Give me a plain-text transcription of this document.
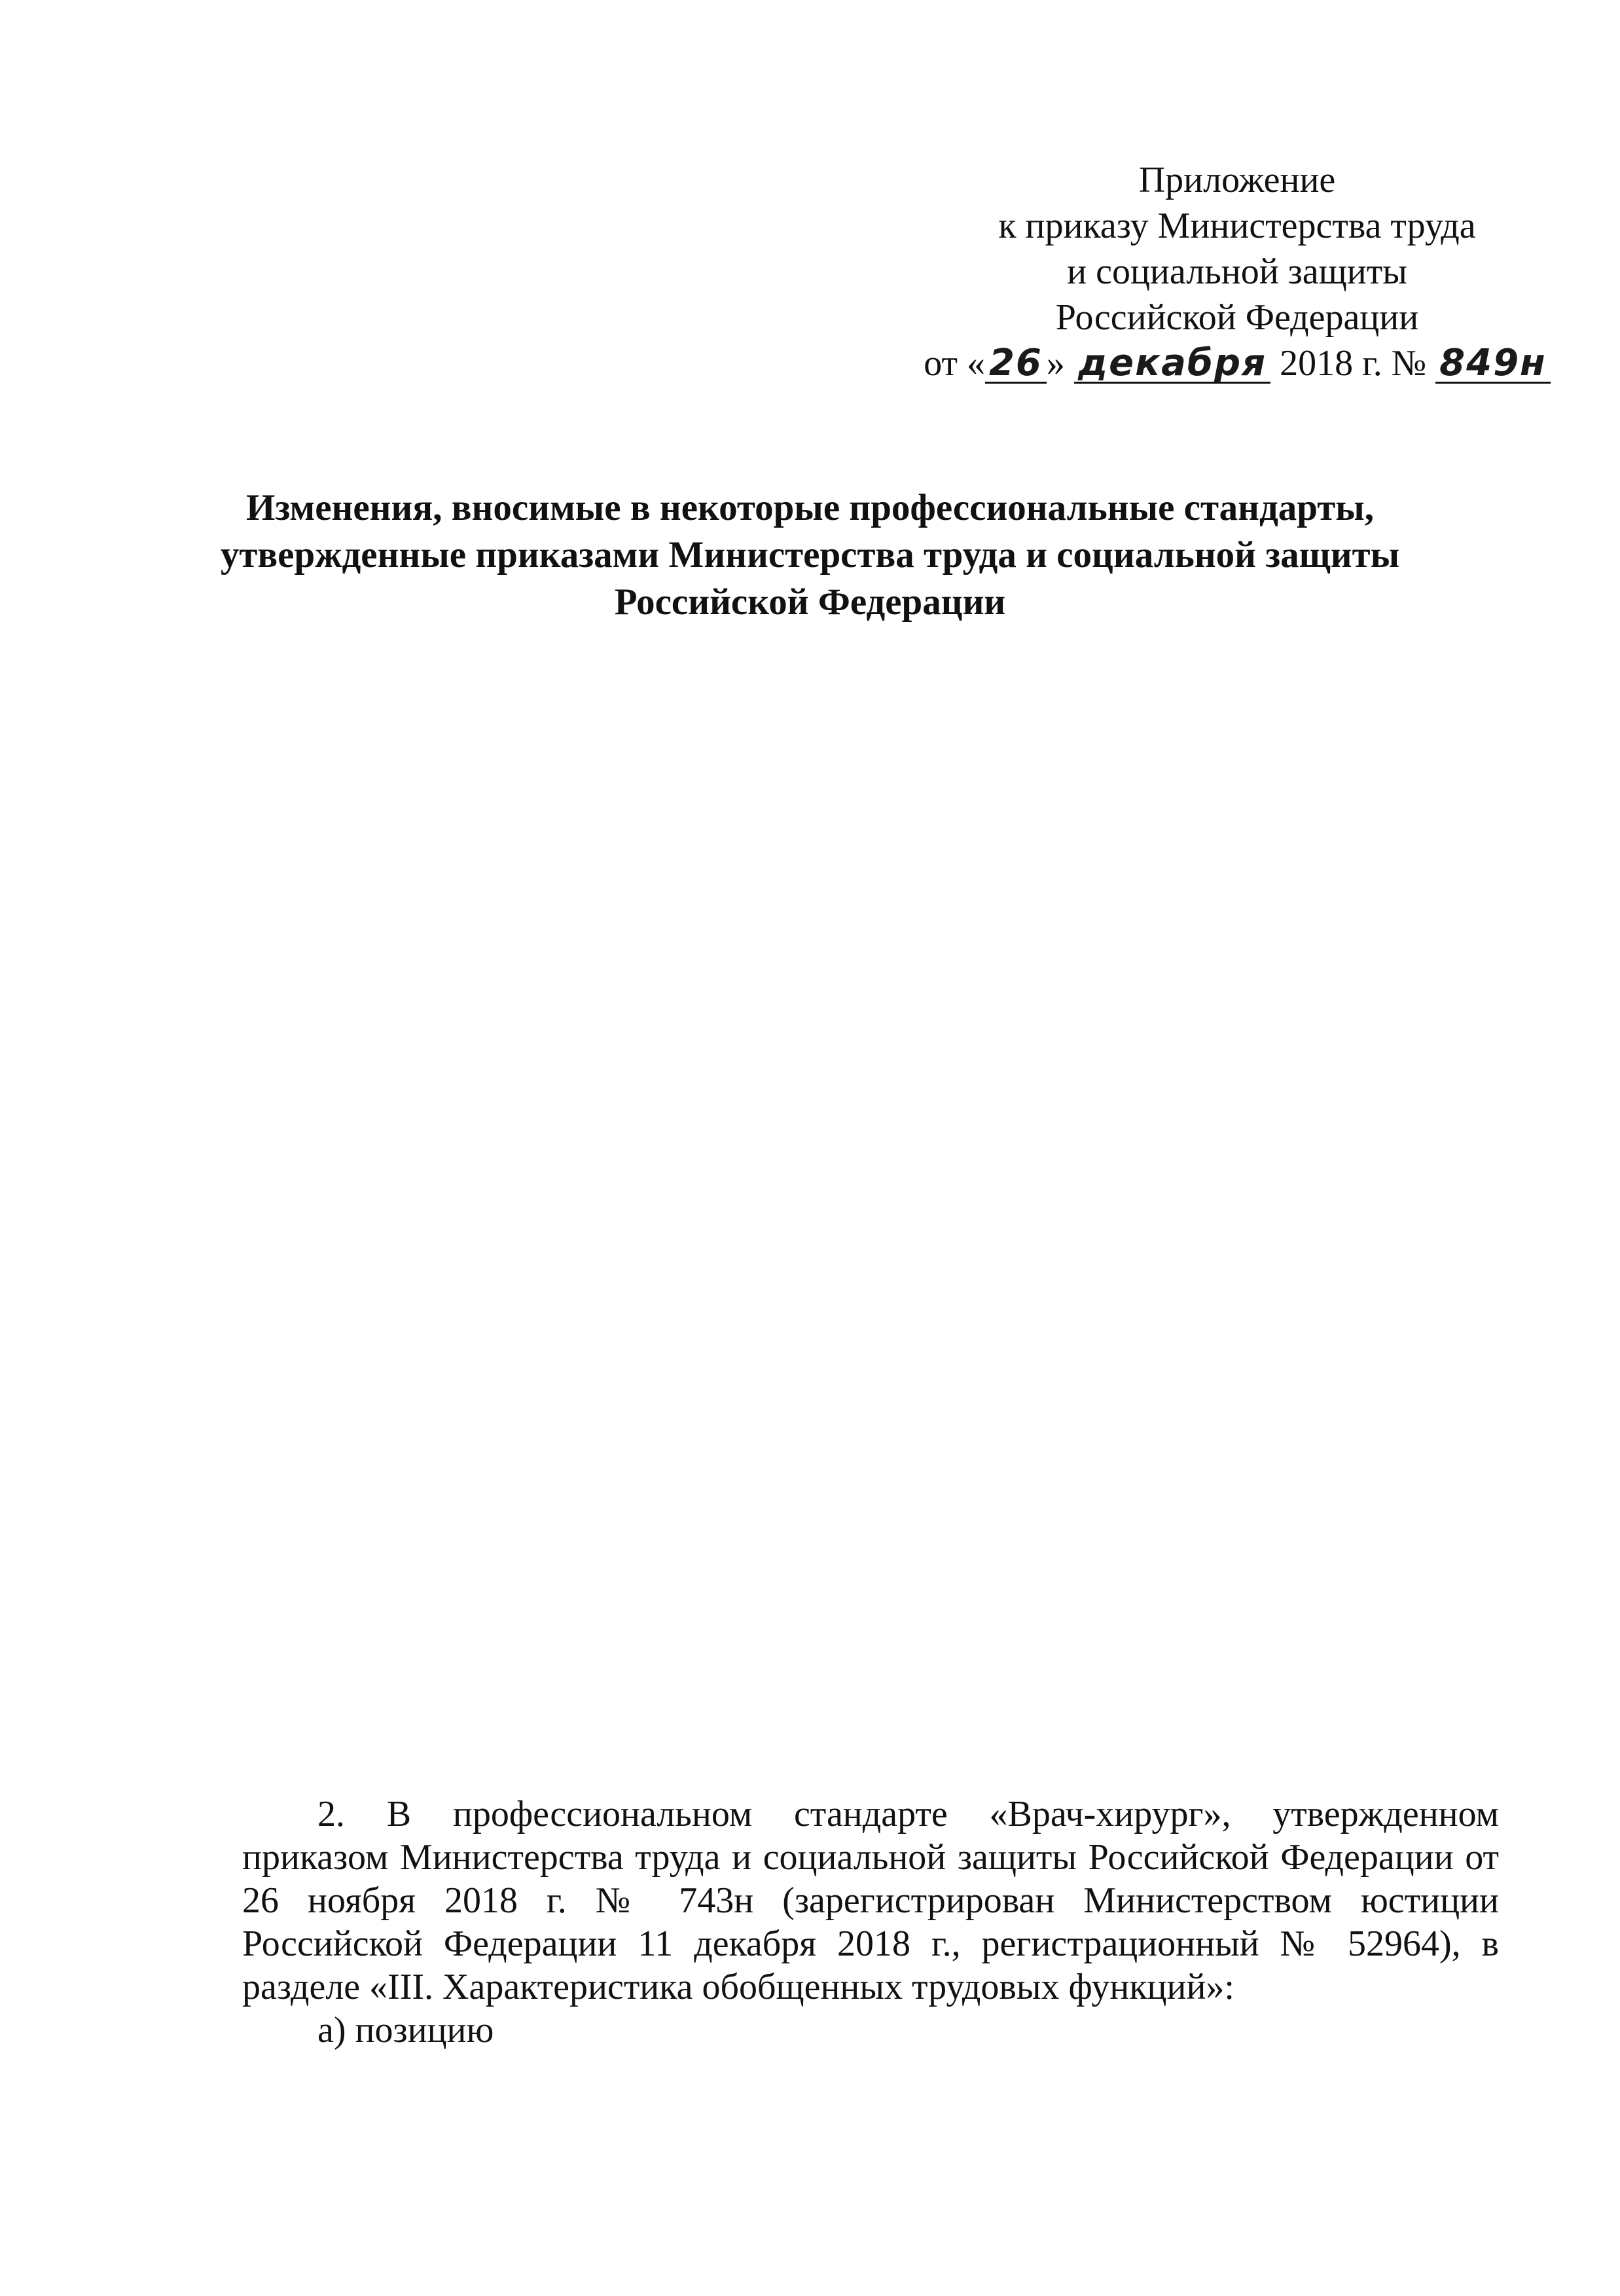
Приложение
к приказу Министерства труда
и социальной защиты
Российской Федерации
от « 26 » декабря 2018 г. № 849н
Изменения, вносимые в некоторые профессиональные стандарты,
утвержденные приказами Министерства труда и социальной защиты
Российской Федерации
2. В профессиональном стандарте «Врач-хирург», утвержденном
приказом Министерства труда и социальной защиты Российской Федерации от
26 ноября 2018 г. № 743н (зарегистрирован Министерством юстиции
Российской Федерации 11 декабря 2018 г., регистрационный № 52964), в
разделе «III. Характеристика обобщенных трудовых функций»:
а) позицию
